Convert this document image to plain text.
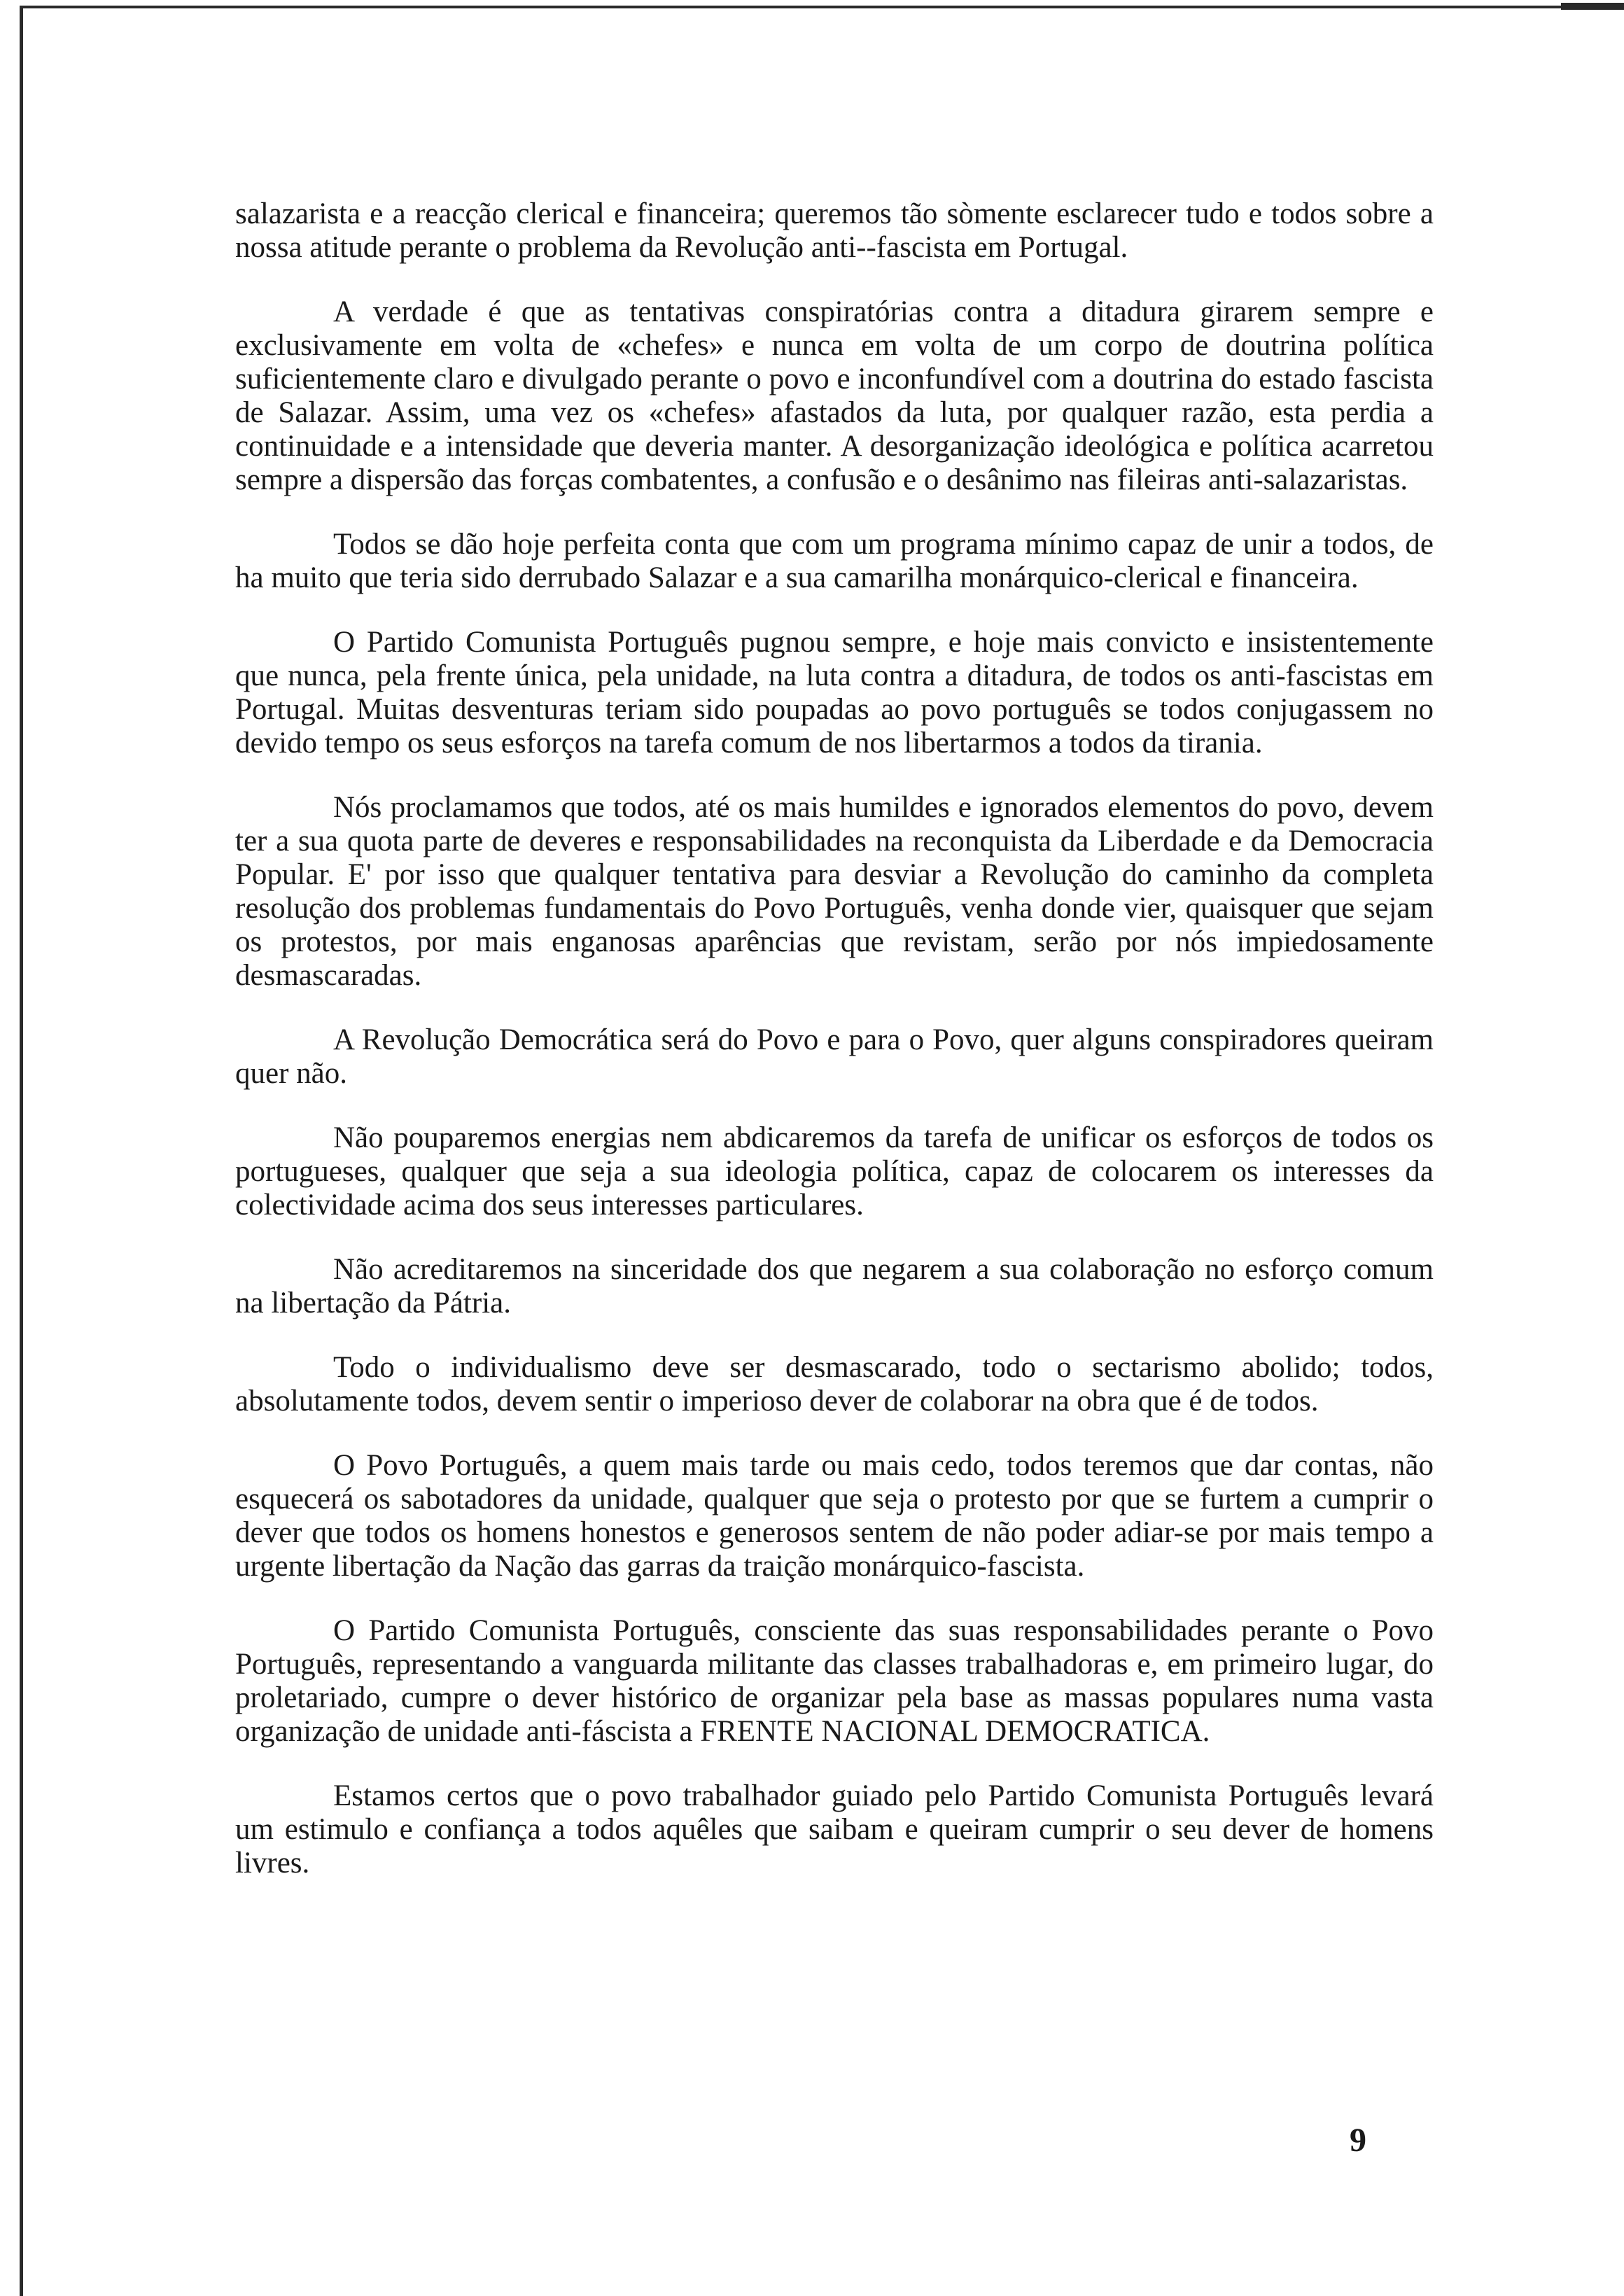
salazarista e a reacção clerical e financeira; queremos tão sòmente esclarecer tudo e todos sobre a nossa atitude perante o problema da Revolução anti--fascista em Portugal.

A verdade é que as tentativas conspiratórias contra a ditadura girarem sempre e exclusivamente em volta de «chefes» e nunca em volta de um corpo de doutrina política suficientemente claro e divulgado perante o povo e inconfundível com a doutrina do estado fascista de Salazar. Assim, uma vez os «chefes» afastados da luta, por qualquer razão, esta perdia a continuidade e a intensidade que deveria manter. A desorganização ideológica e política acarretou sempre a dispersão das forças combatentes, a confusão e o desânimo nas fileiras anti-salazaristas.

Todos se dão hoje perfeita conta que com um programa mínimo capaz de unir a todos, de ha muito que teria sido derrubado Salazar e a sua camarilha monárquico-clerical e financeira.

O Partido Comunista Português pugnou sempre, e hoje mais convicto e insistentemente que nunca, pela frente única, pela unidade, na luta contra a ditadura, de todos os anti-fascistas em Portugal. Muitas desventuras teriam sido poupadas ao povo português se todos conjugassem no devido tempo os seus esforços na tarefa comum de nos libertarmos a todos da tirania.

Nós proclamamos que todos, até os mais humildes e ignorados elementos do povo, devem ter a sua quota parte de deveres e responsabilidades na reconquista da Liberdade e da Democracia Popular. E' por isso que qualquer tentativa para desviar a Revolução do caminho da completa resolução dos problemas fundamentais do Povo Português, venha donde vier, quaisquer que sejam os protestos, por mais enganosas aparências que revistam, serão por nós impiedosamente desmascaradas.

A Revolução Democrática será do Povo e para o Povo, quer alguns conspiradores queiram quer não.

Não pouparemos energias nem abdicaremos da tarefa de unificar os esforços de todos os portugueses, qualquer que seja a sua ideologia política, capaz de colocarem os interesses da colectividade acima dos seus interesses particulares.

Não acreditaremos na sinceridade dos que negarem a sua colaboração no esforço comum na libertação da Pátria.

Todo o individualismo deve ser desmascarado, todo o sectarismo abolido; todos, absolutamente todos, devem sentir o imperioso dever de colaborar na obra que é de todos.

O Povo Português, a quem mais tarde ou mais cedo, todos teremos que dar contas, não esquecerá os sabotadores da unidade, qualquer que seja o protesto por que se furtem a cumprir o dever que todos os homens honestos e generosos sentem de não poder adiar-se por mais tempo a urgente libertação da Nação das garras da traição monárquico-fascista.

O Partido Comunista Português, consciente das suas responsabilidades perante o Povo Português, representando a vanguarda militante das classes trabalhadoras e, em primeiro lugar, do proletariado, cumpre o dever histórico de organizar pela base as massas populares numa vasta organização de unidade anti-fáscista a FRENTE NACIONAL DEMOCRATICA.

Estamos certos que o povo trabalhador guiado pelo Partido Comunista Português levará um estimulo e confiança a todos aquêles que saibam e queiram cumprir o seu dever de homens livres.

9
